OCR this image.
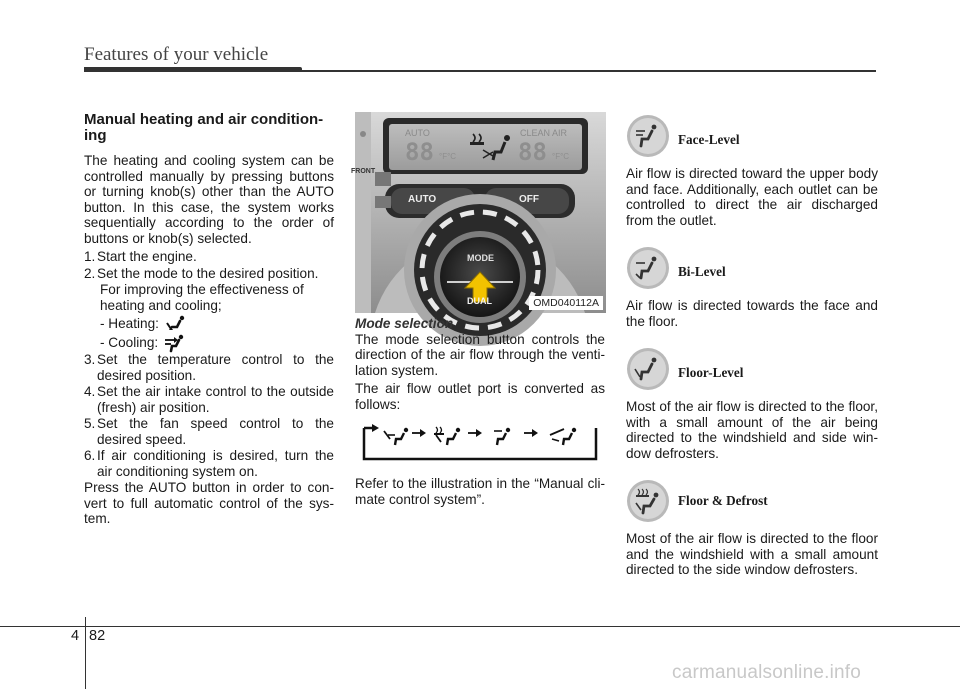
Features of your vehicle
Manual heating and air condition-ing
The heating and cooling system can be controlled manually by pressing buttons or turning knob(s) other than the AUTO button. In this case, the system works sequentially according to the order of buttons or knob(s) selected.
1. Start the engine.
2. Set the mode to the desired position.
For improving the effectiveness of heating and cooling;
- Heating:
- Cooling:
3. Set the temperature control to the desired position.
4. Set the air intake control to the outside (fresh) air position.
5. Set the fan speed control to the desired speed.
6. If air conditioning is desired, turn the air conditioning system on.
Press the AUTO button in order to con-vert to full automatic control of the sys-tem.
AUTO	CLEAN AIR
88 °F°C	88 °F°C
FRONT
AUTO	OFF
MODE
DUAL	OMD040112A
Mode selection
The mode selection button controls the direction of the air flow through the venti-lation system.
The air flow outlet port is converted as follows:
Refer to the illustration in the “Manual cli-mate control system”.
Face-Level
Air flow is directed toward the upper body and face. Additionally, each outlet can be controlled to direct the air discharged from the outlet.
Bi-Level
Air flow is directed towards the face and the floor.
Floor-Level
Most of the air flow is directed to the floor, with a small amount of the air being directed to the windshield and side win-dow defrosters.
Floor & Defrost
Most of the air flow is directed to the floor and the windshield with a small amount directed to the side window defrosters.
4 82
carmanualsonline.info
